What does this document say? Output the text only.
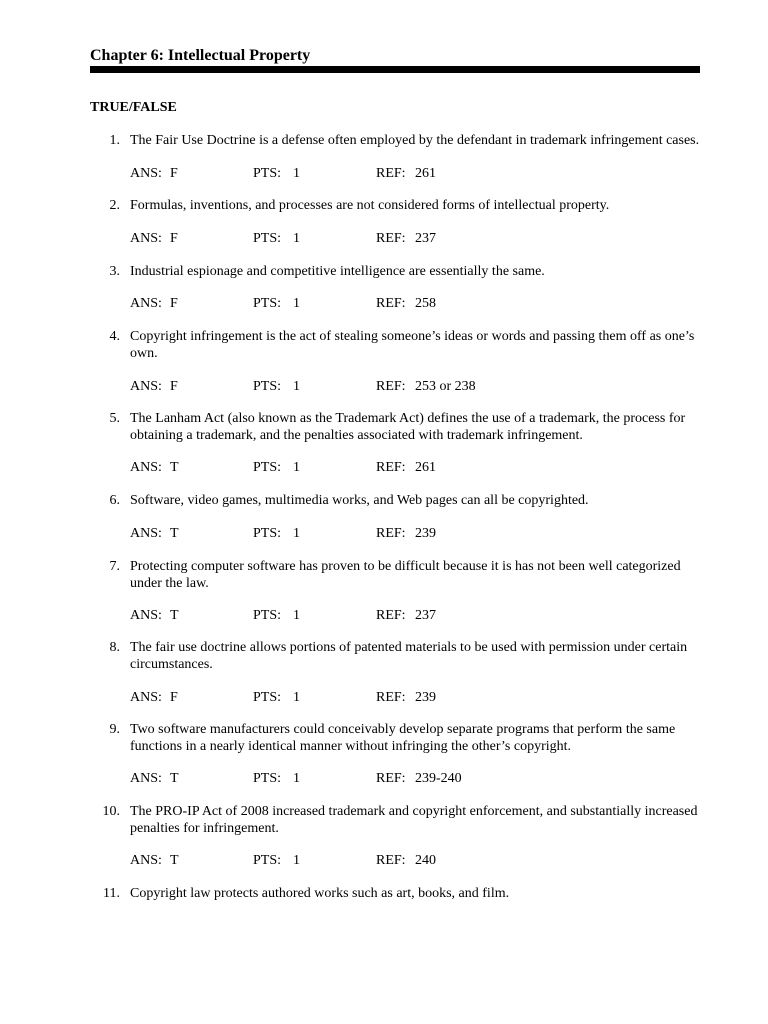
Chapter 6: Intellectual Property
TRUE/FALSE
1. The Fair Use Doctrine is a defense often employed by the defendant in trademark infringement cases.
ANS: F	PTS: 1	REF: 261
2. Formulas, inventions, and processes are not considered forms of intellectual property.
ANS: F	PTS: 1	REF: 237
3. Industrial espionage and competitive intelligence are essentially the same.
ANS: F	PTS: 1	REF: 258
4. Copyright infringement is the act of stealing someone’s ideas or words and passing them off as one’s own.
ANS: F	PTS: 1	REF: 253 or 238
5. The Lanham Act (also known as the Trademark Act) defines the use of a trademark, the process for obtaining a trademark, and the penalties associated with trademark infringement.
ANS: T	PTS: 1	REF: 261
6. Software, video games, multimedia works, and Web pages can all be copyrighted.
ANS: T	PTS: 1	REF: 239
7. Protecting computer software has proven to be difficult because it is has not been well categorized under the law.
ANS: T	PTS: 1	REF: 237
8. The fair use doctrine allows portions of patented materials to be used with permission under certain circumstances.
ANS: F	PTS: 1	REF: 239
9. Two software manufacturers could conceivably develop separate programs that perform the same functions in a nearly identical manner without infringing the other’s copyright.
ANS: T	PTS: 1	REF: 239-240
10. The PRO-IP Act of 2008 increased trademark and copyright enforcement, and substantially increased penalties for infringement.
ANS: T	PTS: 1	REF: 240
11. Copyright law protects authored works such as art, books, and film.
